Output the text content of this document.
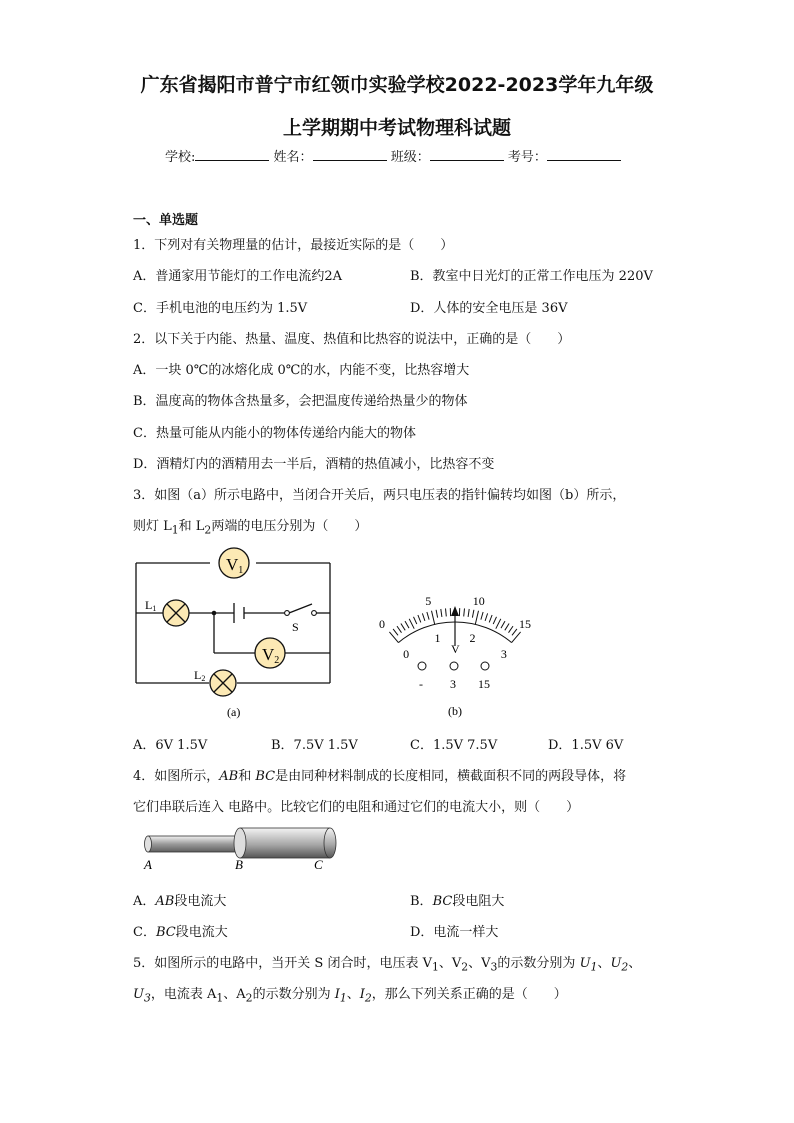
广东省揭阳市普宁市红领巾实验学校2022-2023学年九年级
上学期期中考试物理科试题
学校:	姓名：	班级：	考号：
一、单选题
1．下列对有关物理量的估计，最接近实际的是（　　）
A．普通家用节能灯的工作电流约2A	B．教室中日光灯的正常工作电压为 220V
C．手机电池的电压约为 1.5V	D．人体的安全电压是 36V
2．以下关于内能、热量、温度、热值和比热容的说法中，正确的是（　　）
A．一块 0℃的冰熔化成 0℃的水，内能不变，比热容增大
B．温度高的物体含热量多，会把温度传递给热量少的物体
C．热量可能从内能小的物体传递给内能大的物体
D．酒精灯内的酒精用去一半后，酒精的热值减小，比热容不变
3．如图（a）所示电路中，当闭合开关后，两只电压表的指针偏转均如图（b）所示，
则灯 $L_1$和 $L_2$两端的电压分别为（　　）
V1
V2
L1
L2
S
(a)
0
5	10
15
0
1 2
3
V
- 3 15
(b)
A．6V 1.5V	B．7.5V 1.5V	C．1.5V 7.5V	D．1.5V 6V
4．如图所示，AB和 BC是由同种材料制成的长度相同，横截面积不同的两段导体，将
它们串联后连入 电路中。比较它们的电阻和通过它们的电流大小，则（　　）
A	B	C
A．AB段电流大	B．BC段电阻大
C．BC段电流大	D．电流一样大
5．如图所示的电路中，当开关 S 闭合时，电压表 $V_1$、$V_2$、$V_3$的示数分别为 $U_1$、$U_2$、
$U_3$，电流表 $A_1$、$A_2$的示数分别为 $I_1$、$I_2$，那么下列关系正确的是（　　）
